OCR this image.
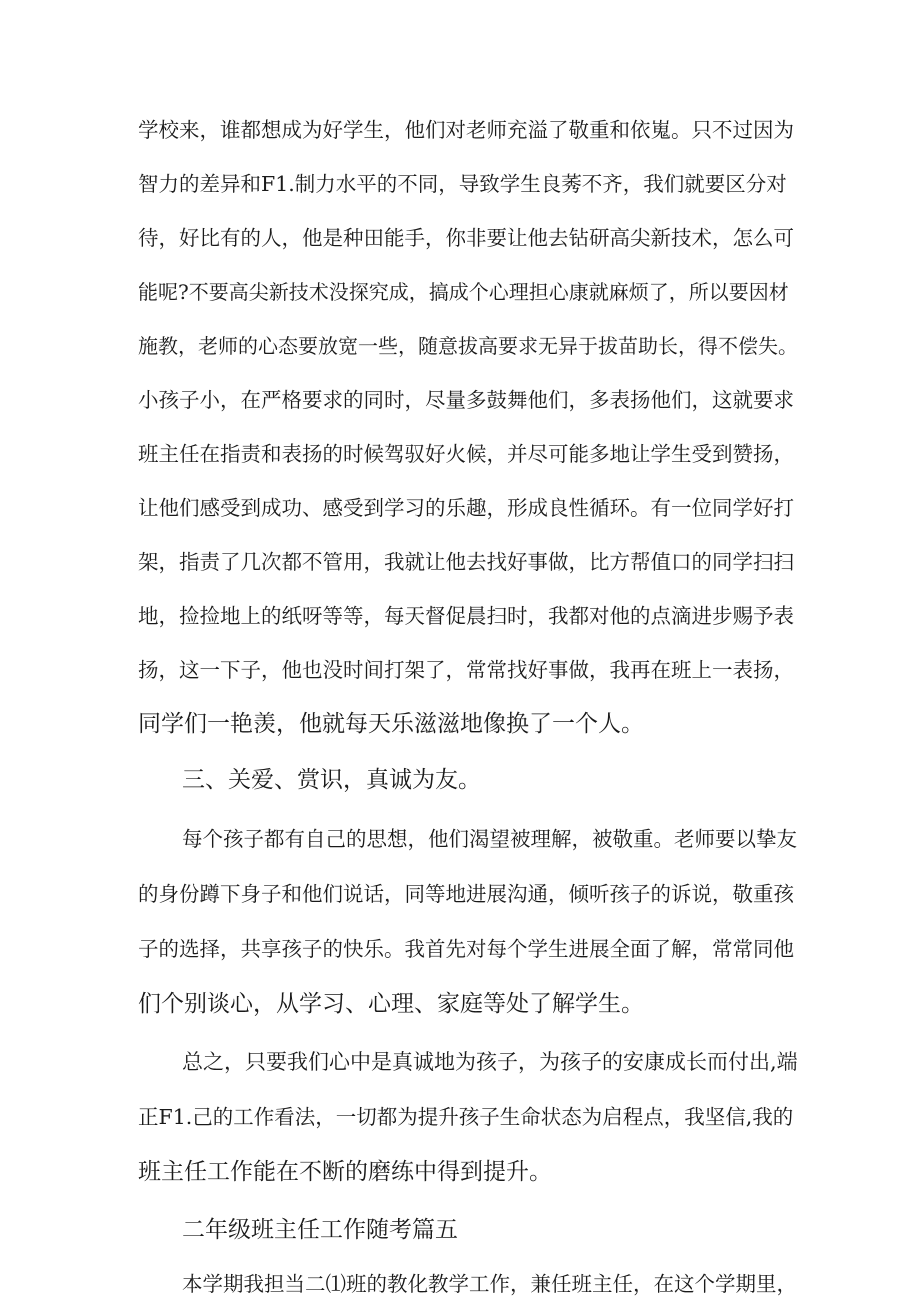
学校来，谁都想成为好学生，他们对老师充溢了敬重和依嵬。只不过因为
智力的差异和F1.制力水平的不同，导致学生良莠不齐，我们就要区分对
待，好比有的人，他是种田能手，你非要让他去钻研高尖新技术，怎么可
能呢?不要高尖新技术没探究成，搞成个心理担心康就麻烦了，所以要因材
施教，老师的心态要放宽一些，随意拔高要求无异于拔苗助长，得不偿失。
小孩子小，在严格要求的同时，尽量多鼓舞他们，多表扬他们，这就要求
班主任在指责和表扬的时候驾驭好火候，并尽可能多地让学生受到赞扬，
让他们感受到成功、感受到学习的乐趣，形成良性循环。有一位同学好打
架，指责了几次都不管用，我就让他去找好事做，比方帮值口的同学扫扫
地，捡捡地上的纸呀等等，每天督促晨扫时，我都对他的点滴进步赐予表
扬，这一下子，他也没时间打架了，常常找好事做，我再在班上一表扬，
同学们一艳羡，他就每天乐滋滋地像换了一个人。
三、关爱、赏识，真诚为友。
每个孩子都有自己的思想，他们渴望被理解，被敬重。老师要以挚友
的身份蹲下身子和他们说话，同等地进展沟通，倾听孩子的诉说，敬重孩
子的选择，共享孩子的快乐。我首先对每个学生进展全面了解，常常同他
们个别谈心，从学习、心理、家庭等处了解学生。
总之，只要我们心中是真诚地为孩子，为孩子的安康成长而付出,端
正F1.己的工作看法，一切都为提升孩子生命状态为启程点，我坚信,我的
班主任工作能在不断的磨练中得到提升。
二年级班主任工作随考篇五
本学期我担当二⑴班的教化教学工作，兼任班主任，在这个学期里，
